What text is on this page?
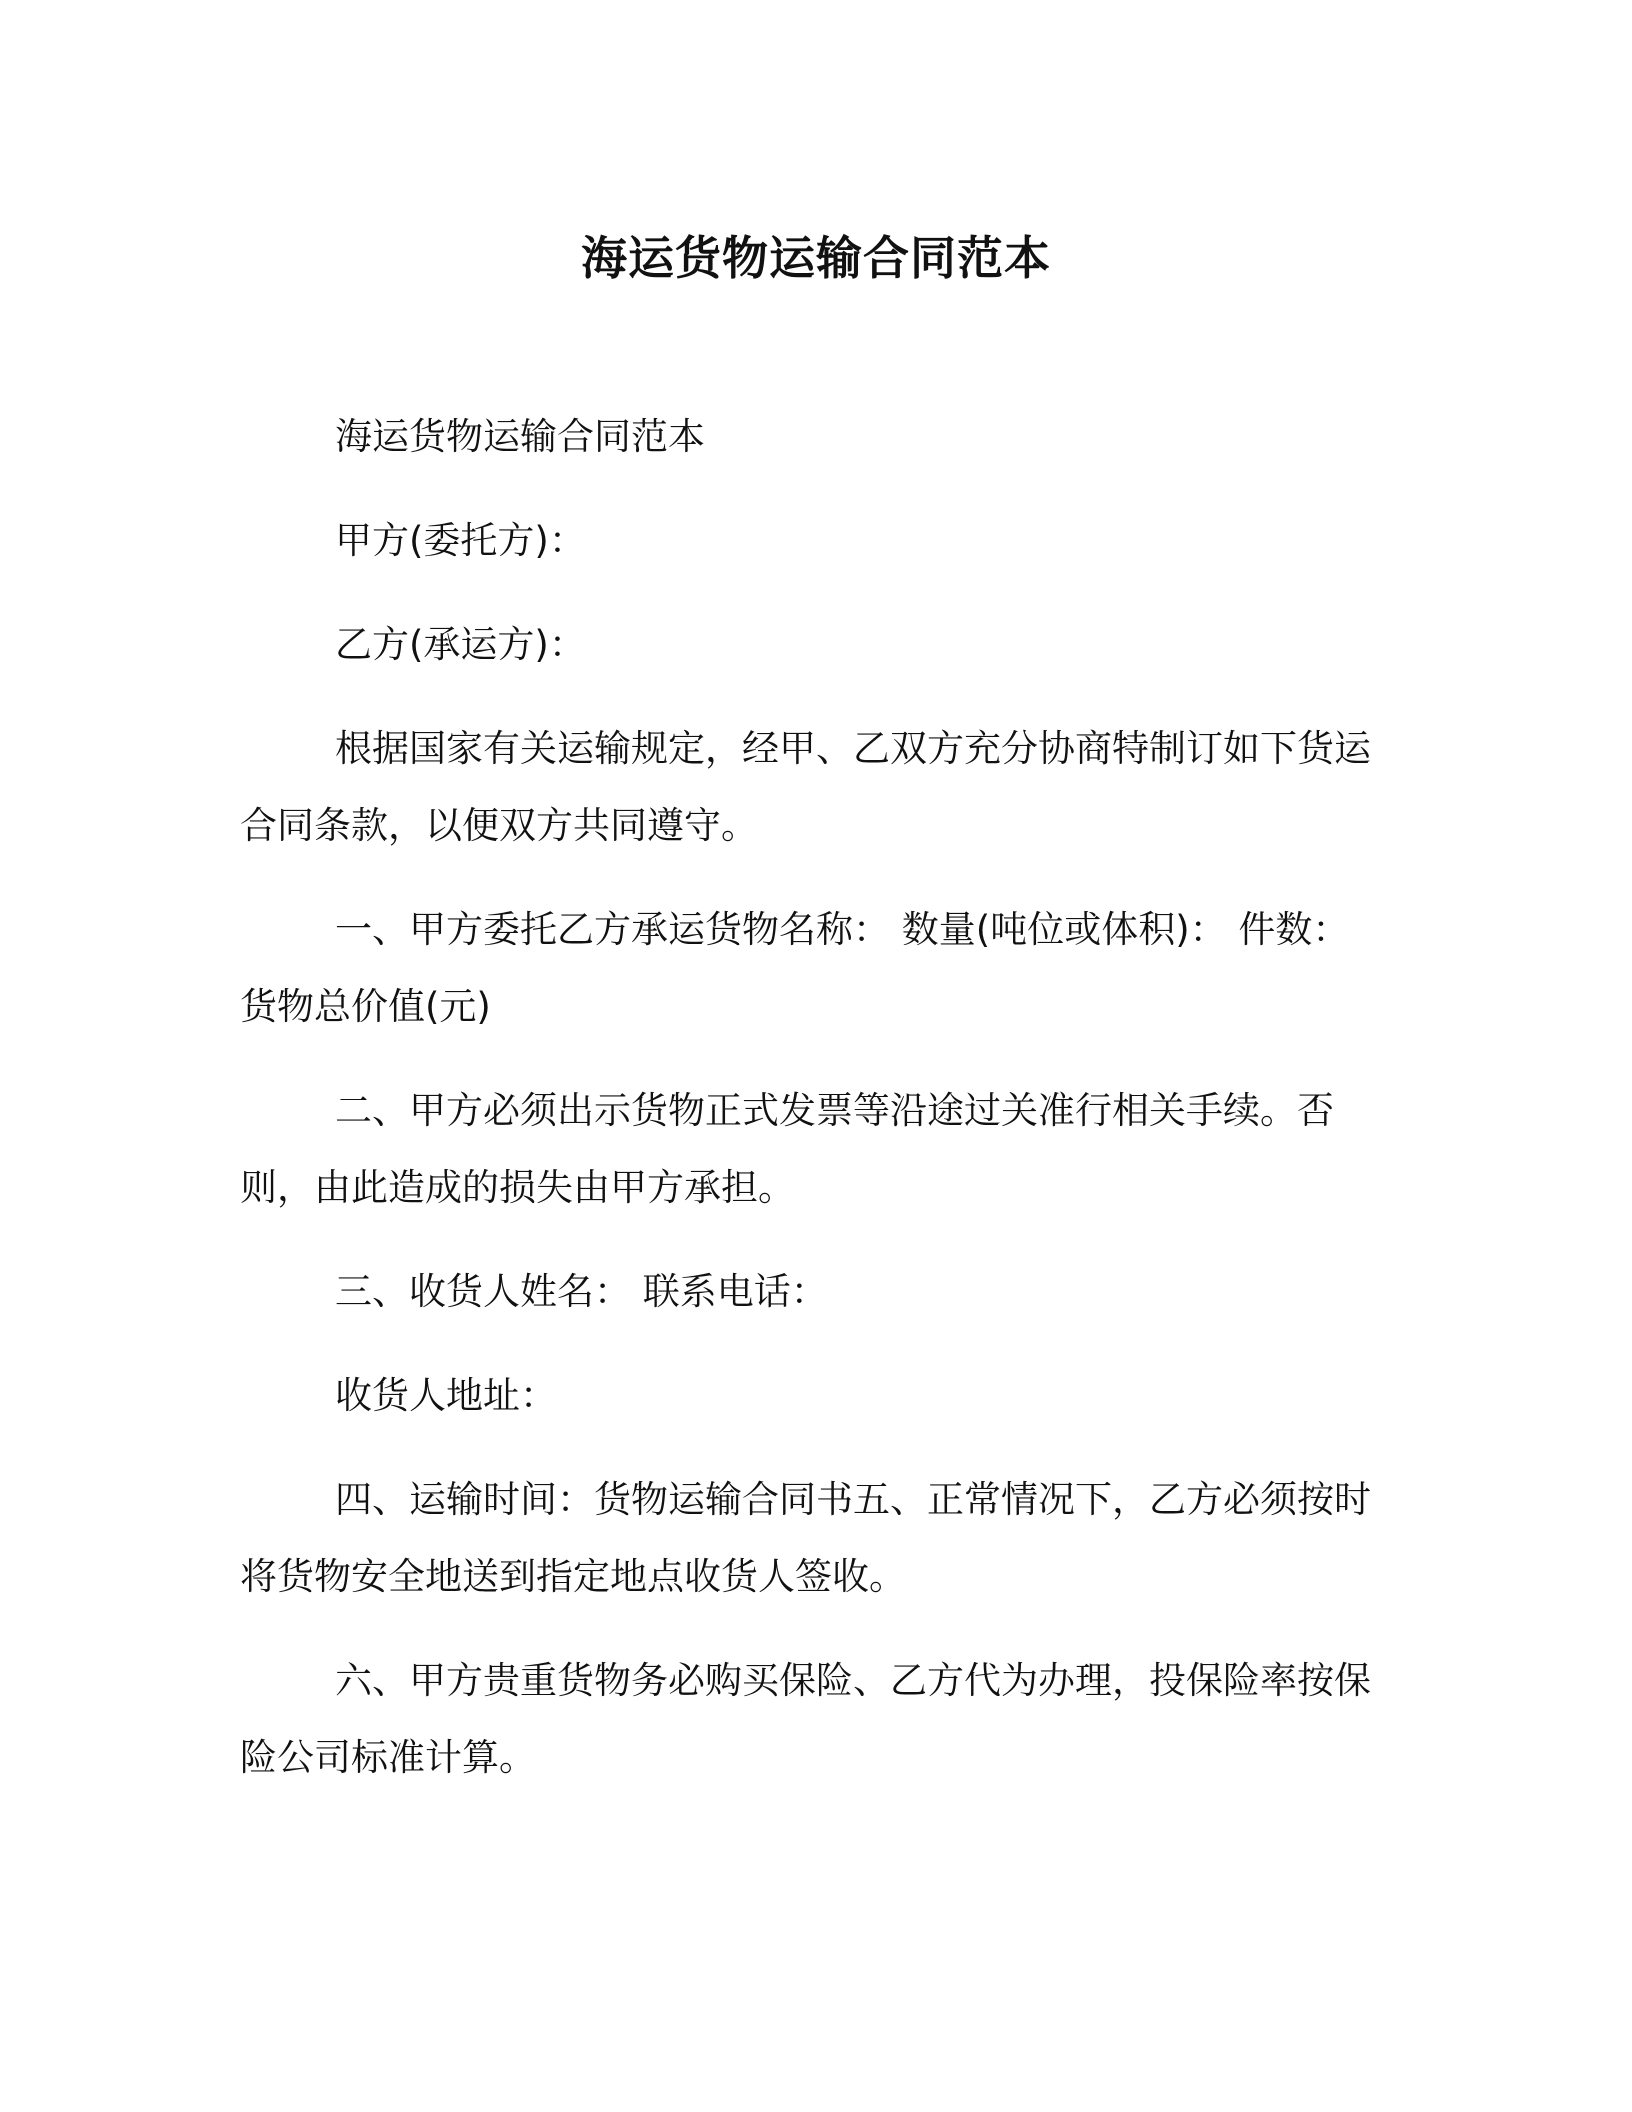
海运货物运输合同范本

海运货物运输合同范本

甲方(委托方)：

乙方(承运方)：

根据国家有关运输规定，经甲、乙双方充分协商特制订如下货运合同条款，以便双方共同遵守。

一、甲方委托乙方承运货物名称： 数量(吨位或体积)： 件数：货物总价值(元)

二、甲方必须出示货物正式发票等沿途过关准行相关手续。否则，由此造成的损失由甲方承担。

三、收货人姓名： 联系电话：

收货人地址：

四、运输时间：货物运输合同书五、正常情况下，乙方必须按时将货物安全地送到指定地点收货人签收。

六、甲方贵重货物务必购买保险、乙方代为办理，投保险率按保险公司标准计算。
